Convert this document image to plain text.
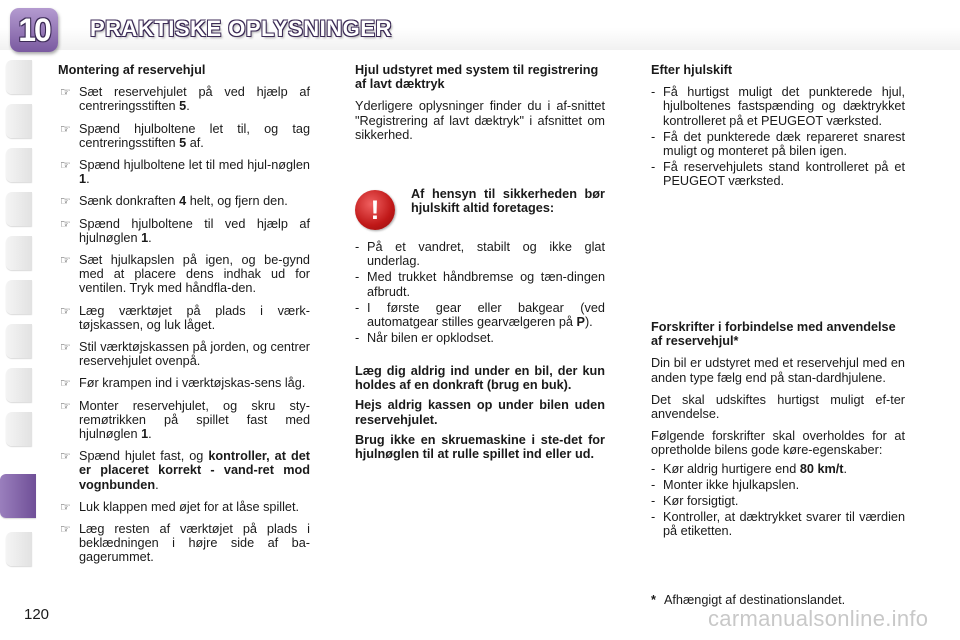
10	PRAKTISKE OPLYSNINGER

Montering af reservehjul

☞ Sæt reservehjulet på ved hjælp af centreringsstiften 5.
☞ Spænd hjulboltene let til, og tag centreringsstiften 5 af.
☞ Spænd hjulboltene let til med hjul-nøglen 1.
☞ Sænk donkraften 4 helt, og fjern den.
☞ Spænd hjulboltene til ved hjælp af hjulnøglen 1.
☞ Sæt hjulkapslen på igen, og be-gynd med at placere dens indhak ud for ventilen. Tryk med håndfla-den.
☞ Læg værktøjet på plads i værk-tøjskassen, og luk låget.
☞ Stil værktøjskassen på jorden, og centrer reservehjulet ovenpå.
☞ Før krampen ind i værktøjskas-sens låg.
☞ Monter reservehjulet, og skru sty-remøtrikken på spillet fast med hjulnøglen 1.
☞ Spænd hjulet fast, og kontroller, at det er placeret korrekt - vand-ret mod vognbunden.
☞ Luk klappen med øjet for at låse spillet.
☞ Læg resten af værktøjet på plads i beklædningen i højre side af ba-gagerummet.

Hjul udstyret med system til registrering af lavt dæktryk

Yderligere oplysninger finder du i af-snittet "Registrering af lavt dæktryk" i afsnittet om sikkerhed.

!
Af hensyn til sikkerheden bør hjulskift altid foretages:
- På et vandret, stabilt og ikke glat underlag.
- Med trukket håndbremse og tæn-dingen afbrudt.
- I første gear eller bakgear (ved automatgear stilles gearvælgeren på P).
- Når bilen er opklodset.

Læg dig aldrig ind under en bil, der kun holdes af en donkraft (brug en buk).

Hejs aldrig kassen op under bilen uden reservehjulet.

Brug ikke en skruemaskine i ste-det for hjulnøglen til at rulle spillet ind eller ud.

Efter hjulskift

- Få hurtigst muligt det punkterede hjul, hjulboltenes fastspænding og dæktrykket kontrolleret på et PEUGEOT værksted.
- Få det punkterede dæk repareret snarest muligt og monteret på bilen igen.
- Få reservehjulets stand kontrolleret på et PEUGEOT værksted.

Forskrifter i forbindelse med anvendelse af reservehjul*

Din bil er udstyret med et reservehjul med en anden type fælg end på stan-dardhjulene.

Det skal udskiftes hurtigst muligt ef-ter anvendelse.

Følgende forskrifter skal overholdes for at opretholde bilens gode køre-egenskaber:

- Kør aldrig hurtigere end 80 km/t.
- Monter ikke hjulkapslen.
- Kør forsigtigt.
- Kontroller, at dæktrykket svarer til værdien på etiketten.
* Afhængigt af destinationslandet.
120	carmanualsonline.info
